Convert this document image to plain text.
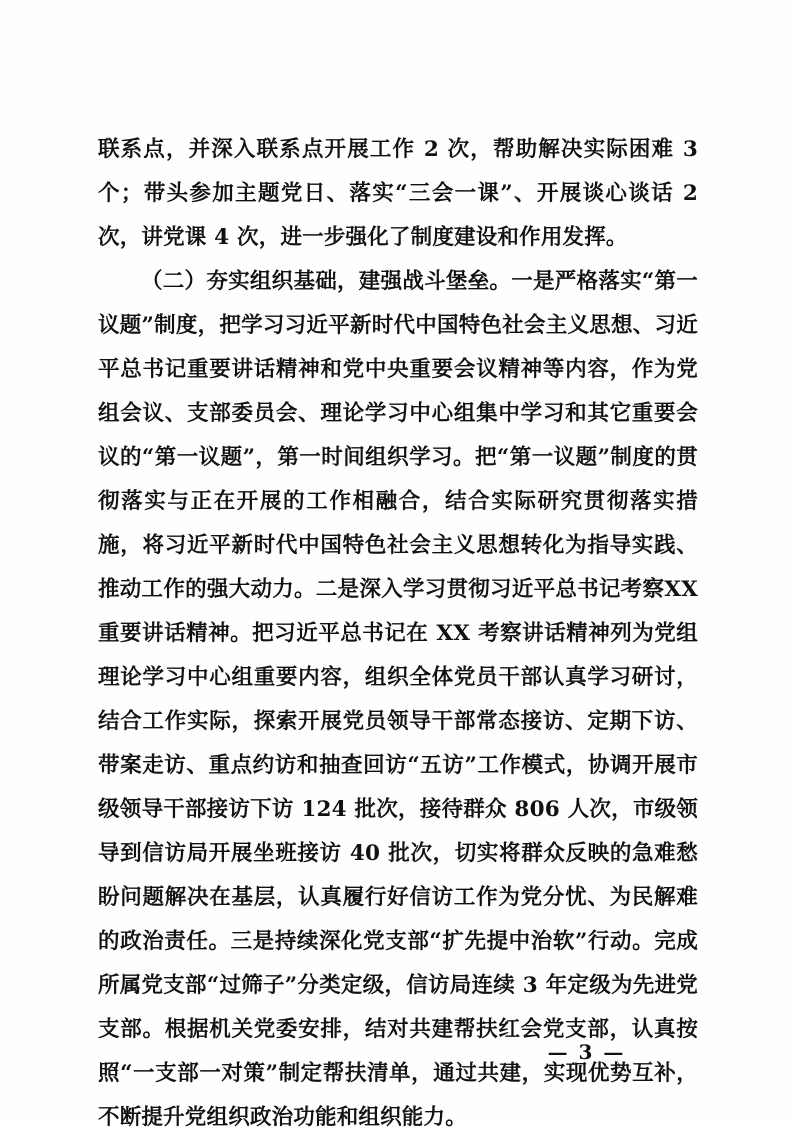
联系点，并深入联系点开展工作 2 次，帮助解决实际困难 3 个；带头参加主题党日、落实“三会一课”、开展谈心谈话 2 次，讲党课 4 次，进一步强化了制度建设和作用发挥。

（二）夯实组织基础，建强战斗堡垒。一是严格落实“第一议题”制度，把学习习近平新时代中国特色社会主义思想、习近平总书记重要讲话精神和党中央重要会议精神等内容，作为党组会议、支部委员会、理论学习中心组集中学习和其它重要会议的“第一议题”，第一时间组织学习。把“第一议题”制度的贯彻落实与正在开展的工作相融合，结合实际研究贯彻落实措施，将习近平新时代中国特色社会主义思想转化为指导实践、推动工作的强大动力。二是深入学习贯彻习近平总书记考察XX重要讲话精神。把习近平总书记在 XX 考察讲话精神列为党组理论学习中心组重要内容，组织全体党员干部认真学习研讨，结合工作实际，探索开展党员领导干部常态接访、定期下访、带案走访、重点约访和抽查回访“五访”工作模式，协调开展市级领导干部接访下访 124 批次，接待群众 806 人次，市级领导到信访局开展坐班接访 40 批次，切实将群众反映的急难愁盼问题解决在基层，认真履行好信访工作为党分忧、为民解难的政治责任。三是持续深化党支部“扩先提中治软”行动。完成所属党支部“过筛子”分类定级，信访局连续 3 年定级为先进党支部。根据机关党委安排，结对共建帮扶红会党支部，认真按照“一支部一对策”制定帮扶清单，通过共建，实现优势互补，不断提升党组织政治功能和组织能力。

— 3 —
